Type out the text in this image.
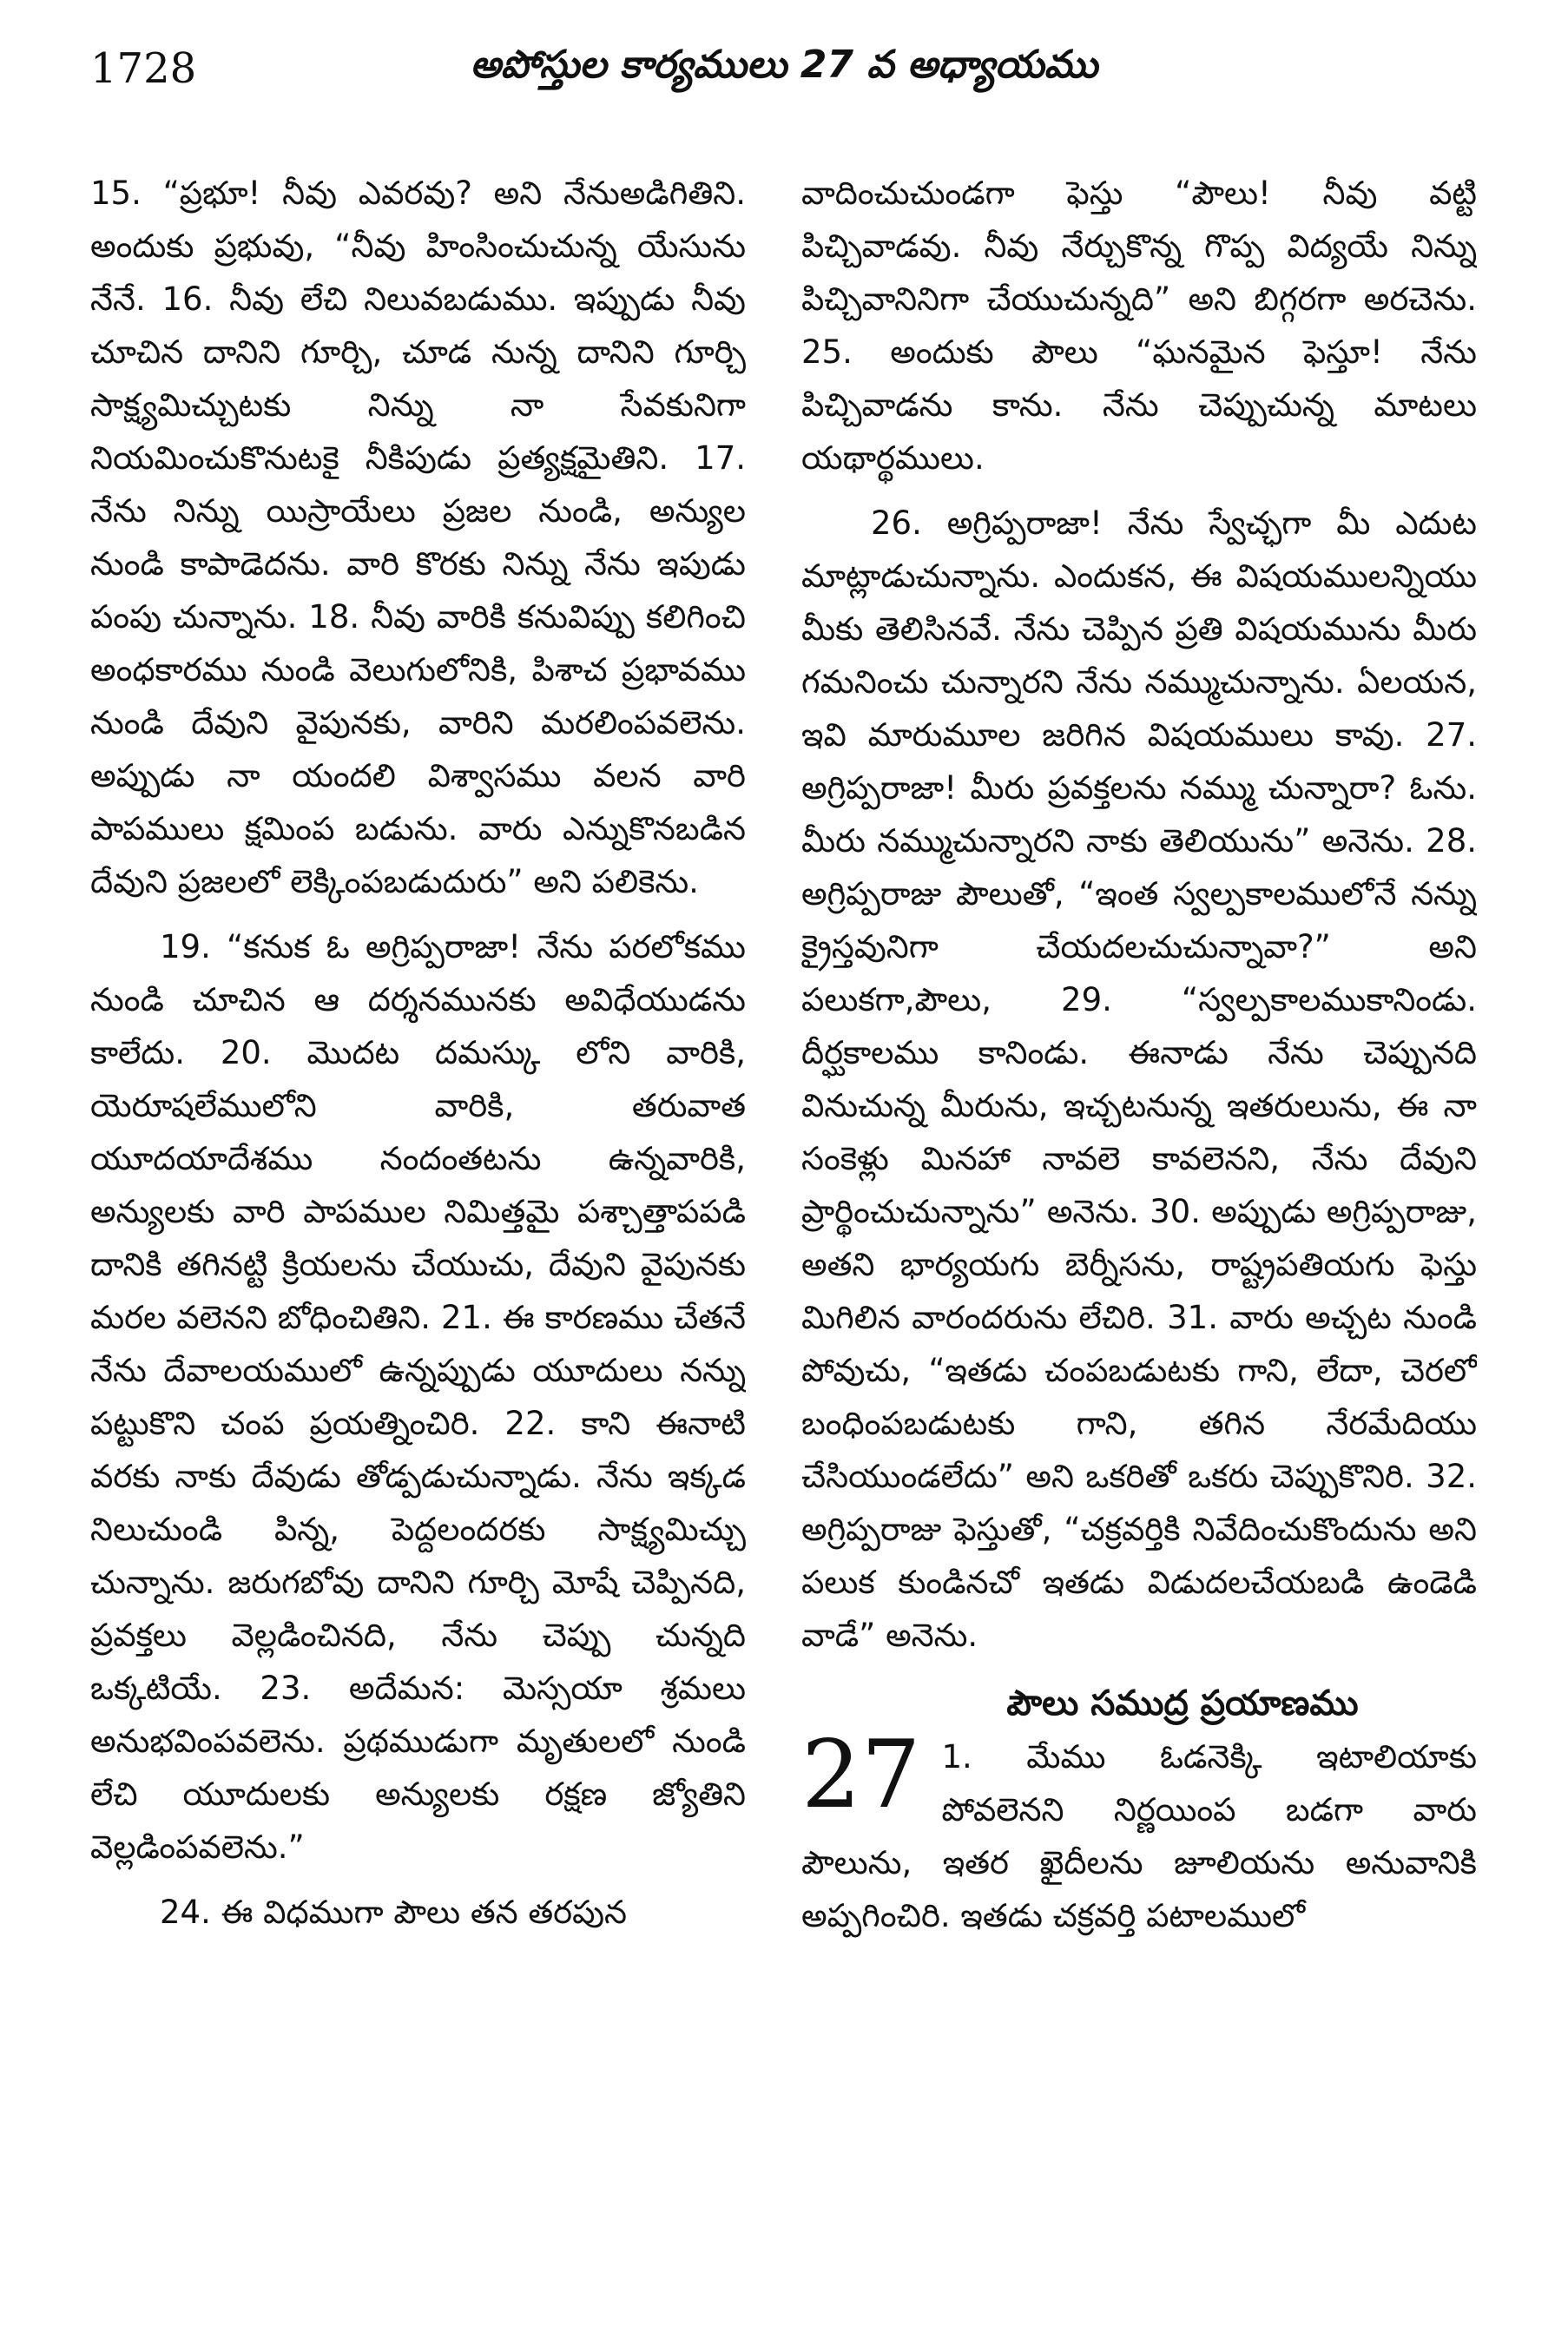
1728	అపోస్తుల కార్యములు 27 వ అధ్యాయము

15. “ప్రభూ! నీవు ఎవరవు? అని నేనుఅడిగితిని. అందుకు ప్రభువు, “నీవు హింసించుచున్న యేసును నేనే. 16. నీవు లేచి నిలువబడుము. ఇప్పుడు నీవు చూచిన దానిని గూర్చి, చూడ నున్న దానిని గూర్చి సాక్ష్యమిచ్చుటకు నిన్ను నా సేవకునిగా నియమించుకొనుటకై నీకిపుడు ప్రత్యక్షమైతిని. 17. నేను నిన్ను యిస్రాయేలు ప్రజల నుండి, అన్యుల నుండి కాపాడెదను. వారి కొరకు నిన్ను నేను ఇపుడు పంపు చున్నాను. 18. నీవు వారికి కనువిప్పు కలిగించి అంధకారము నుండి వెలుగులోనికి, పిశాచ ప్రభావము నుండి దేవుని వైపునకు, వారిని మరలింపవలెను. అప్పుడు నా యందలి విశ్వాసము వలన వారి పాపములు క్షమింప బడును. వారు ఎన్నుకొనబడిన దేవుని ప్రజలలో లెక్కింపబడుదురు” అని పలికెను.

19. “కనుక ఓ అగ్రిప్పరాజా! నేను పరలోకము నుండి చూచిన ఆ దర్శనమునకు అవిధేయుడను కాలేదు. 20. మొదట దమస్కు లోని వారికి, యెరూషలేములోని వారికి, తరువాత యూదయాదేశము నందంతటను ఉన్నవారికి, అన్యులకు వారి పాపముల నిమిత్తమై పశ్చాత్తాపపడి దానికి తగినట్టి క్రియలను చేయుచు, దేవుని వైపునకు మరల వలెనని బోధించితిని. 21. ఈ కారణము చేతనే నేను దేవాలయములో ఉన్నప్పుడు యూదులు నన్ను పట్టుకొని చంప ప్రయత్నించిరి. 22. కాని ఈనాటి వరకు నాకు దేవుడు తోడ్పడుచున్నాడు. నేను ఇక్కడ నిలుచుండి పిన్న, పెద్దలందరకు సాక్ష్యమిచ్చు చున్నాను. జరుగబోవు దానిని గూర్చి మోషే చెప్పినది, ప్రవక్తలు వెల్లడించినది, నేను చెప్పు చున్నది ఒక్కటియే. 23. అదేమన: మెస్సయా శ్రమలు అనుభవింపవలెను. ప్రథముడుగా మృతులలో నుండి లేచి యూదులకు అన్యులకు రక్షణ జ్యోతిని వెల్లడింపవలెను.”

24. ఈ విధముగా పౌలు తన తరపున

వాదించుచుండగా ఫెస్తు “పౌలు! నీవు వట్టి పిచ్చివాడవు. నీవు నేర్చుకొన్న గొప్ప విద్యయే నిన్ను పిచ్చివానినిగా చేయుచున్నది” అని బిగ్గరగా అరచెను. 25. అందుకు పౌలు “ఘనమైన ఫెస్తూ! నేను పిచ్చివాడను కాను. నేను చెప్పుచున్న మాటలు యథార్థములు.

26. అగ్రిప్పరాజా! నేను స్వేచ్ఛగా మీ ఎదుట మాట్లాడుచున్నాను. ఎందుకన, ఈ విషయములన్నియు మీకు తెలిసినవే. నేను చెప్పిన ప్రతి విషయమును మీరు గమనించు చున్నారని నేను నమ్ముచున్నాను. ఏలయన, ఇవి మారుమూల జరిగిన విషయములు కావు. 27. అగ్రిప్పరాజా! మీరు ప్రవక్తలను నమ్ము చున్నారా? ఓను. మీరు నమ్ముచున్నారని నాకు తెలియును” అనెను. 28. అగ్రిప్పరాజు పౌలుతో, “ఇంత స్వల్పకాలములోనే నన్ను క్రైస్తవునిగా చేయదలచుచున్నావా?” అని పలుకగా,పౌలు, 29. “స్వల్పకాలముకానిండు. దీర్ఘకాలము కానిండు. ఈనాడు నేను చెప్పునది వినుచున్న మీరును, ఇచ్చటనున్న ఇతరులును, ఈ నా సంకెళ్లు మినహా నావలె కావలెనని, నేను దేవుని ప్రార్థించుచున్నాను” అనెను. 30. అప్పుడు అగ్రిప్పరాజు, అతని భార్యయగు బెర్నీసను, రాష్ట్రపతియగు ఫెస్తు మిగిలిన వారందరును లేచిరి. 31. వారు అచ్చట నుండి పోవుచు, “ఇతడు చంపబడుటకు గాని, లేదా, చెరలో బంధింపబడుటకు గాని, తగిన నేరమేదియు చేసియుండలేదు” అని ఒకరితో ఒకరు చెప్పుకొనిరి. 32. అగ్రిప్పరాజు ఫెస్తుతో, “చక్రవర్తికి నివేదించుకొందును అని పలుక కుండినచో ఇతడు విడుదలచేయబడి ఉండెడి వాడే” అనెను.

పౌలు సముద్ర ప్రయాణము
27 1. మేము ఓడనెక్కి ఇటాలియాకు పోవలెనని నిర్ణయింప బడగా వారు పౌలును, ఇతర ఖైదీలను జూలియను అనువానికి అప్పగించిరి. ఇతడు చక్రవర్తి పటాలములో
